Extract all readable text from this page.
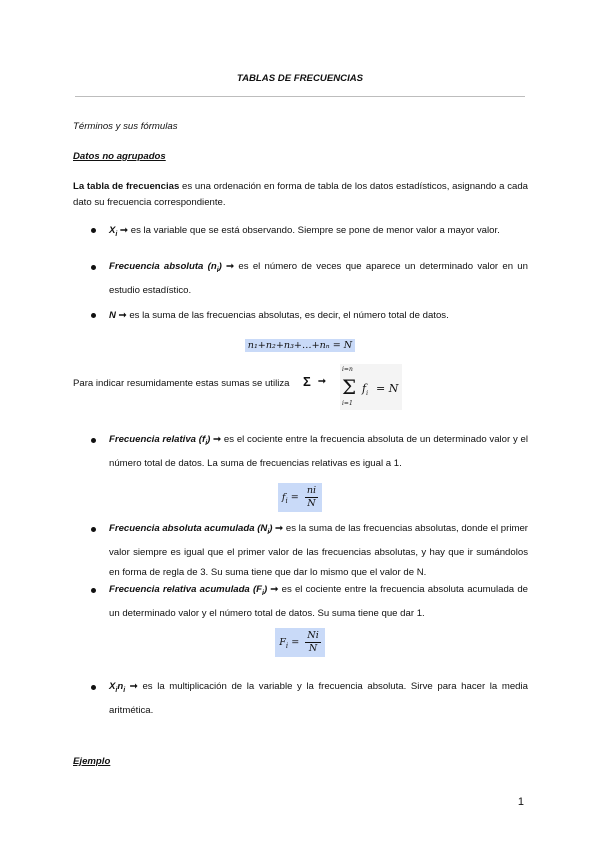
TABLAS DE FRECUENCIAS
Términos y sus fórmulas
Datos no agrupados
La tabla de frecuencias es una ordenación en forma de tabla de los datos estadísticos, asignando a cada dato su frecuencia correspondiente.
$X_i$ ➞ es la variable que se está observando. Siempre se pone de menor valor a mayor valor.
Frecuencia absoluta $(n_i)$ ➞ es el número de veces que aparece un determinado valor en un estudio estadístico.
N ➞ es la suma de las frecuencias absolutas, es decir, el número total de datos.
n₁+n₂+n₃+…+nₙ = N
Para indicar resumidamente estas sumas se utiliza Σ ➞
i=n
Σ
i=1
$f_i = N$
Frecuencia relativa $(f_i)$ ➞ es el cociente entre la frecuencia absoluta de un determinado valor y el número total de datos. La suma de frecuencias relativas es igual a 1.
$f_i = \frac{ni}{N}$
Frecuencia absoluta acumulada $(N_i)$ ➞ es la suma de las frecuencias absolutas, donde el primer valor siempre es igual que el primer valor de las frecuencias absolutas, y hay que ir sumándolos en forma de regla de 3. Su suma tiene que dar lo mismo que el valor de N.
Frecuencia relativa acumulada $(F_i)$ ➞ es el cociente entre la frecuencia absoluta acumulada de un determinado valor y el número total de datos. Su suma tiene que dar 1.
$F_i = \frac{Ni}{N}$
$X_in_i$ ➞ es la multiplicación de la variable y la frecuencia absoluta. Sirve para hacer la media aritmética.
Ejemplo
1
